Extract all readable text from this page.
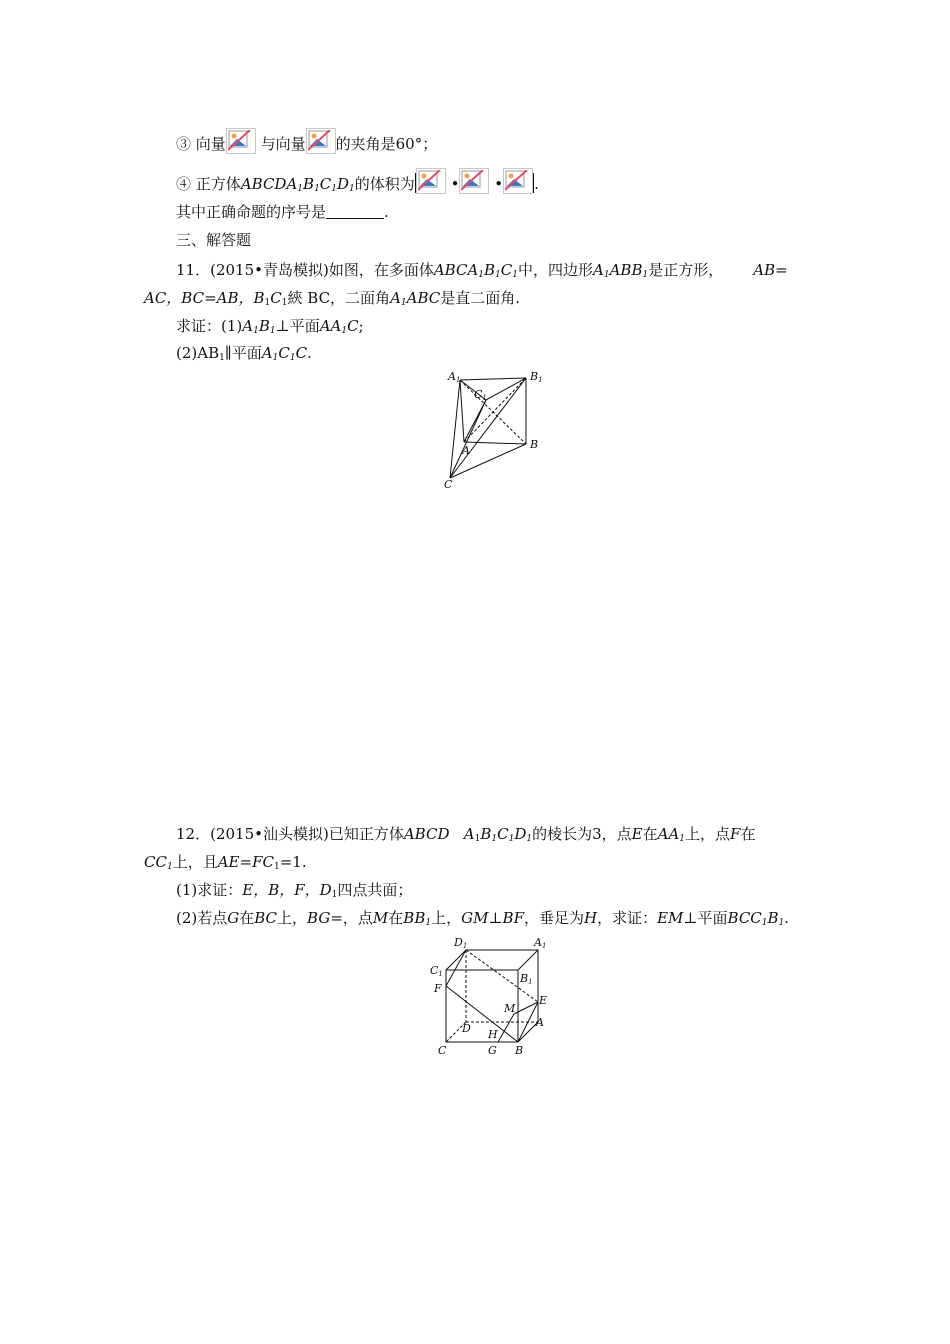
③ 向量 与向量 的夹角是60°；
④ 正方体$ABCDA_1B_1C_1D_1$的体积为 • • .
其中正确命题的序号是	.
三、解答题
11．(2015•青岛模拟)如图，在多面体$ABCA_1B_1C_1$中，四边形$A_1ABB_1$是正方形， AB=
AC，BC=AB，$B_1C_1$綊 BC，二面角$A_1ABC$是直二面角.
求证：$(1)A_1B_1\perp$平面$AA_1C$;
$(2)AB_1\parallel$平面$A_1C_1C$.
A1	B1
C1
A	B
C
12．(2015•汕头模拟)已知正方体ABCD   $A_1B_1C_1D_1$的棱长为3，点E在$AA_1$上，点F在
$CC_1$上，且$AE=FC_1=1$.
(1)求证：E，B，F，$D_1$四点共面；
(2)若点G在BC上，BG=，点M在$BB_1$上，GM⊥BF，垂足为H，求证：EM⊥平面$BCC_1B_1$.
D1	A1
C1	B1
F
M
E
D H
A
C	G B
